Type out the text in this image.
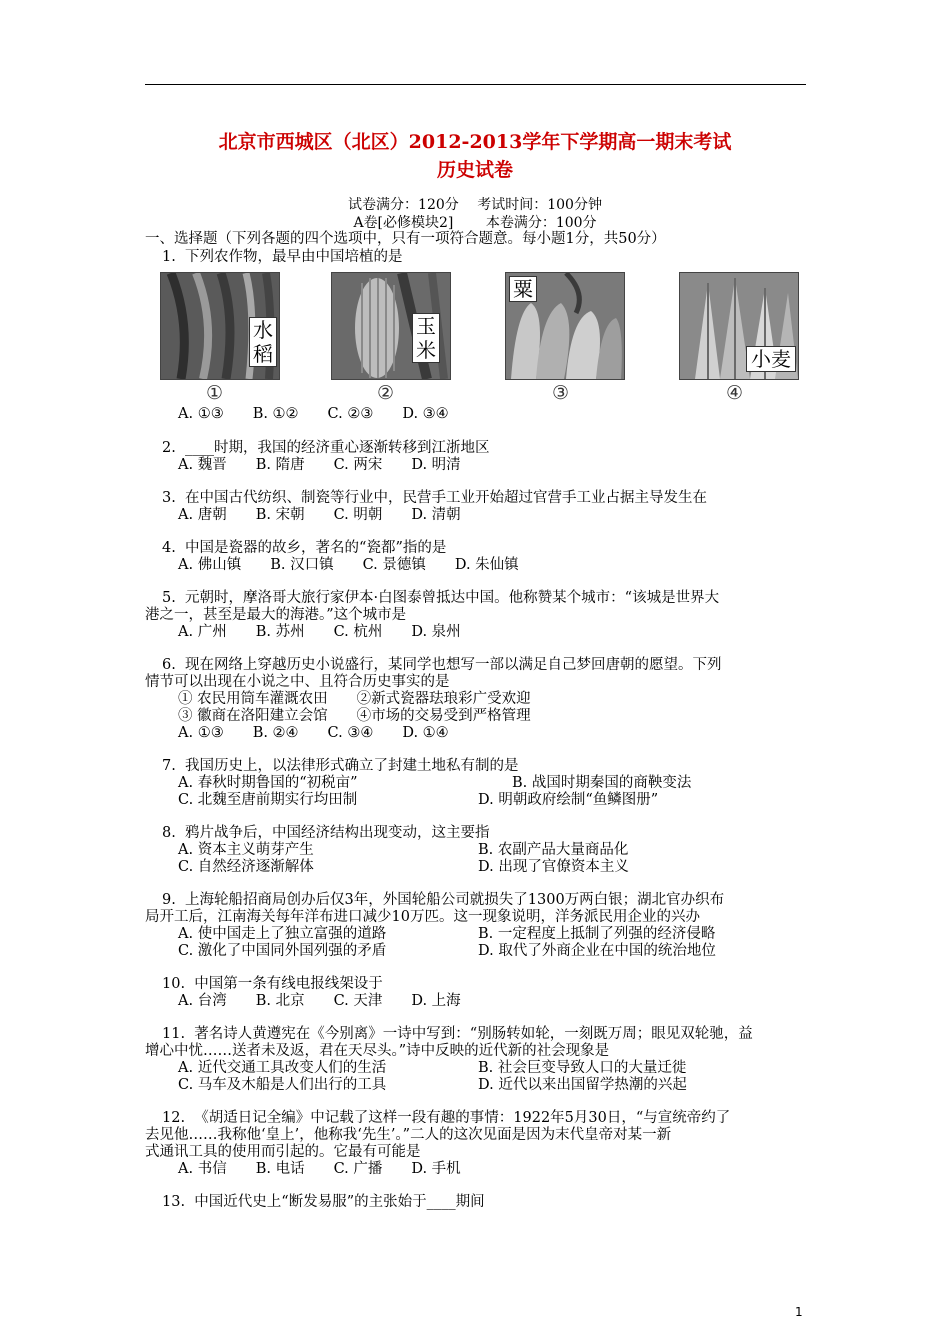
北京市西城区（北区）2012-2013学年下学期高一期末考试
历史试卷
试卷满分：120分　 考试时间：100分钟
A卷[必修模块2]　　 本卷满分：100分
一、选择题（下列各题的四个选项中，只有一项符合题意。每小题1分，共50分）
1.  下列农作物，最早由中国培植的是
水稻
玉米
粟
小麦
①	②	③	④
A. ①③　　B. ①②　　C. ②③　　D. ③④
2.  ____时期，我国的经济重心逐渐转移到江浙地区
A. 魏晋　　B. 隋唐　　C. 两宋　　D. 明清
3.  在中国古代纺织、制瓷等行业中，民营手工业开始超过官营手工业占据主导发生在
A. 唐朝　　B. 宋朝　　C. 明朝　　D. 清朝
4.  中国是瓷器的故乡，著名的“瓷都”指的是
A. 佛山镇　　B. 汉口镇　　C. 景德镇　　D. 朱仙镇
5.  元朝时，摩洛哥大旅行家伊本·白图泰曾抵达中国。他称赞某个城市：“该城是世界大
港之一，甚至是最大的海港。”这个城市是
A. 广州　　B. 苏州　　C. 杭州　　D. 泉州
6.  现在网络上穿越历史小说盛行，某同学也想写一部以满足自己梦回唐朝的愿望。下列
情节可以出现在小说之中、且符合历史事实的是
① 农民用筒车灌溉农田　　②新式瓷器珐琅彩广受欢迎
③ 徽商在洛阳建立会馆　　④市场的交易受到严格管理
A. ①③　　B. ②④　　C. ③④　　D. ①④
7.  我国历史上，以法律形式确立了封建土地私有制的是
A. 春秋时期鲁国的“初税亩”	B. 战国时期秦国的商鞅变法
C. 北魏至唐前期实行均田制	D. 明朝政府绘制“鱼鳞图册”
8.  鸦片战争后，中国经济结构出现变动，这主要指
A. 资本主义萌芽产生	B. 农副产品大量商品化
C. 自然经济逐渐解体	D. 出现了官僚资本主义
9.  上海轮船招商局创办后仅3年，外国轮船公司就损失了1300万两白银；湖北官办织布
局开工后，江南海关每年洋布进口减少10万匹。这一现象说明，洋务派民用企业的兴办
A. 使中国走上了独立富强的道路	B. 一定程度上抵制了列强的经济侵略
C. 激化了中国同外国列强的矛盾	D. 取代了外商企业在中国的统治地位
10.  中国第一条有线电报线架设于
A. 台湾　　B. 北京　　C. 天津　　D. 上海
11.  著名诗人黄遵宪在《今别离》一诗中写到：“别肠转如轮，一刻既万周；眼见双轮驰，益
增心中忧……送者未及返，君在天尽头。”诗中反映的近代新的社会现象是
A. 近代交通工具改变人们的生活	B. 社会巨变导致人口的大量迁徙
C. 马车及木船是人们出行的工具	D. 近代以来出国留学热潮的兴起
12.  《胡适日记全编》中记载了这样一段有趣的事情：1922年5月30日，“与宣统帝约了
去见他……我称他‘皇上’，他称我‘先生’。”二人的这次见面是因为末代皇帝对某一新
式通讯工具的使用而引起的。它最有可能是
A. 书信　　B. 电话　　C. 广播　　D. 手机
13.  中国近代史上“断发易服”的主张始于____期间
1
